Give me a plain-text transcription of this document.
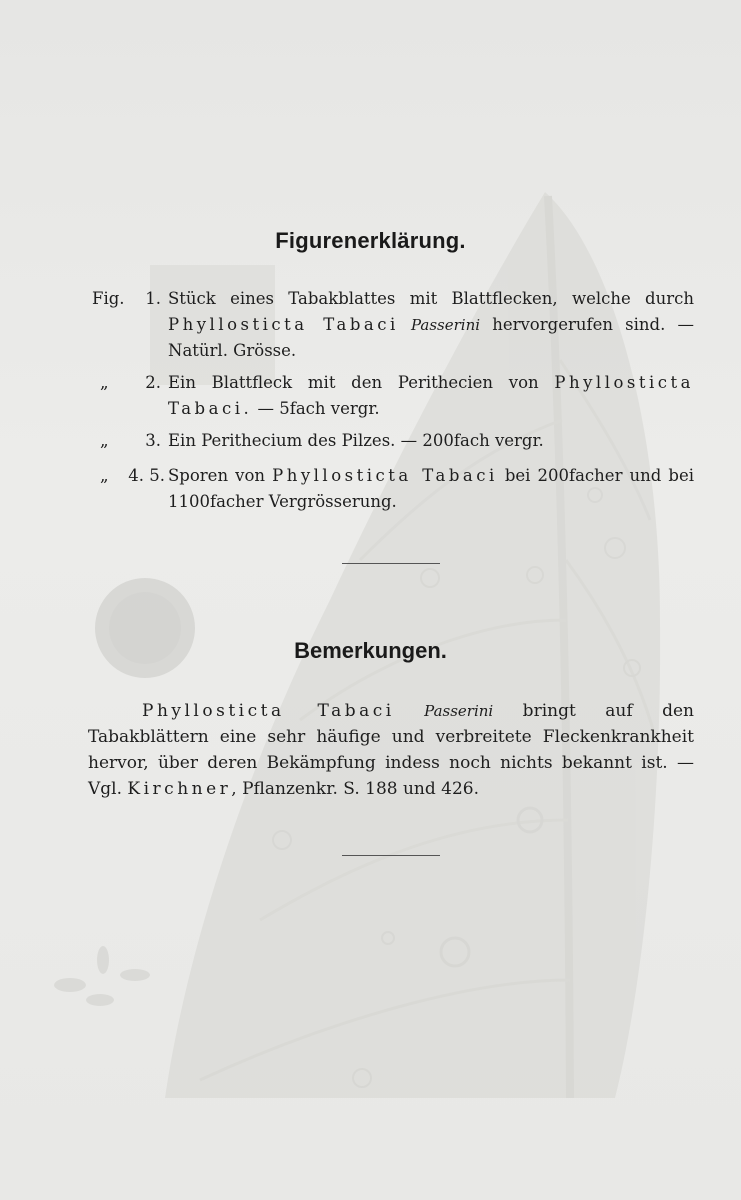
Figurenerklärung.
Fig.	1. Stück eines Tabakblattes mit Blattflecken, welche durch Phyllosticta Tabaci Passerini hervorgerufen sind. — Natürl. Grösse.
„	2. Ein Blattfleck mit den Perithecien von Phyllosticta Tabaci. — 5fach vergr.
„	3. Ein Perithecium des Pilzes. — 200fach vergr.
„	4. 5. Sporen von Phyllosticta Tabaci bei 200facher und bei 1100facher Vergrösserung.
Bemerkungen.
Phyllosticta Tabaci Passerini bringt auf den Tabakblättern eine sehr häufige und verbreitete Fleckenkrankheit hervor, über deren Bekämpfung indess noch nichts bekannt ist. — Vgl. Kirchner, Pflanzenkr. S. 188 und 426.
